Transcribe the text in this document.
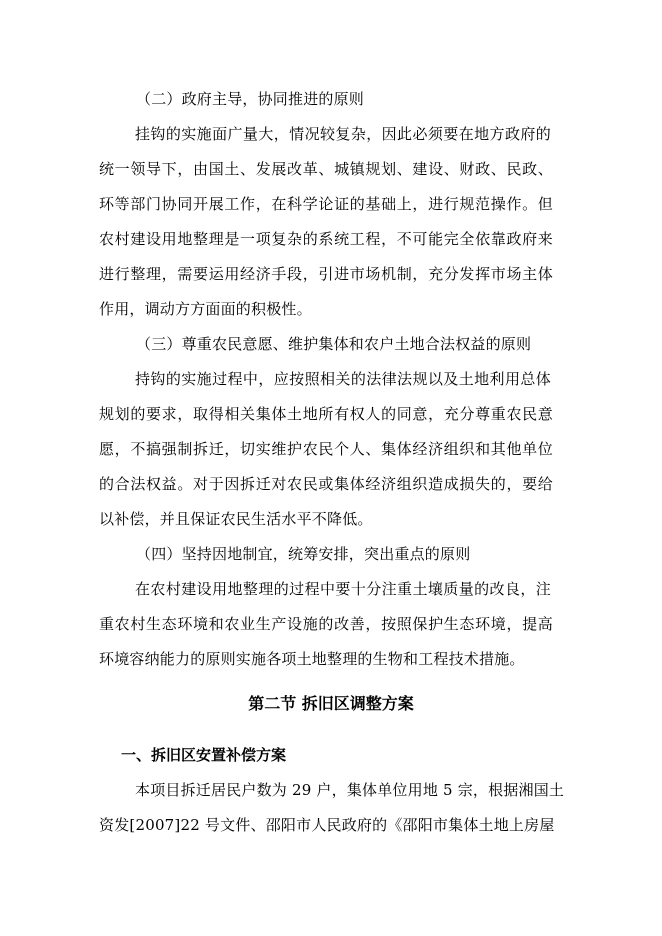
（二）政府主导，协同推进的原则
挂钩的实施面广量大，情况较复杂，因此必须要在地方政府的
统一领导下，由国土、发展改革、城镇规划、建设、财政、民政、
环等部门协同开展工作，在科学论证的基础上，进行规范操作。但
农村建设用地整理是一项复杂的系统工程，不可能完全依靠政府来
进行整理，需要运用经济手段，引进市场机制，充分发挥市场主体
作用，调动方方面面的积极性。
（三）尊重农民意愿、维护集体和农户土地合法权益的原则
持钩的实施过程中，应按照相关的法律法规以及土地利用总体
规划的要求，取得相关集体土地所有权人的同意，充分尊重农民意
愿，不搞强制拆迁，切实维护农民个人、集体经济组织和其他单位
的合法权益。对于因拆迁对农民或集体经济组织造成损失的，要给
以补偿，并且保证农民生活水平不降低。
（四）坚持因地制宜，统筹安排，突出重点的原则
在农村建设用地整理的过程中要十分注重土壤质量的改良，注
重农村生态环境和农业生产设施的改善，按照保护生态环境，提高
环境容纳能力的原则实施各项土地整理的生物和工程技术措施。
第二节 拆旧区调整方案
一、拆旧区安置补偿方案
本项目拆迁居民户数为 29 户，集体单位用地 5 宗，根据湘国土
资发[2007]22 号文件、邵阳市人民政府的《邵阳市集体土地上房屋
